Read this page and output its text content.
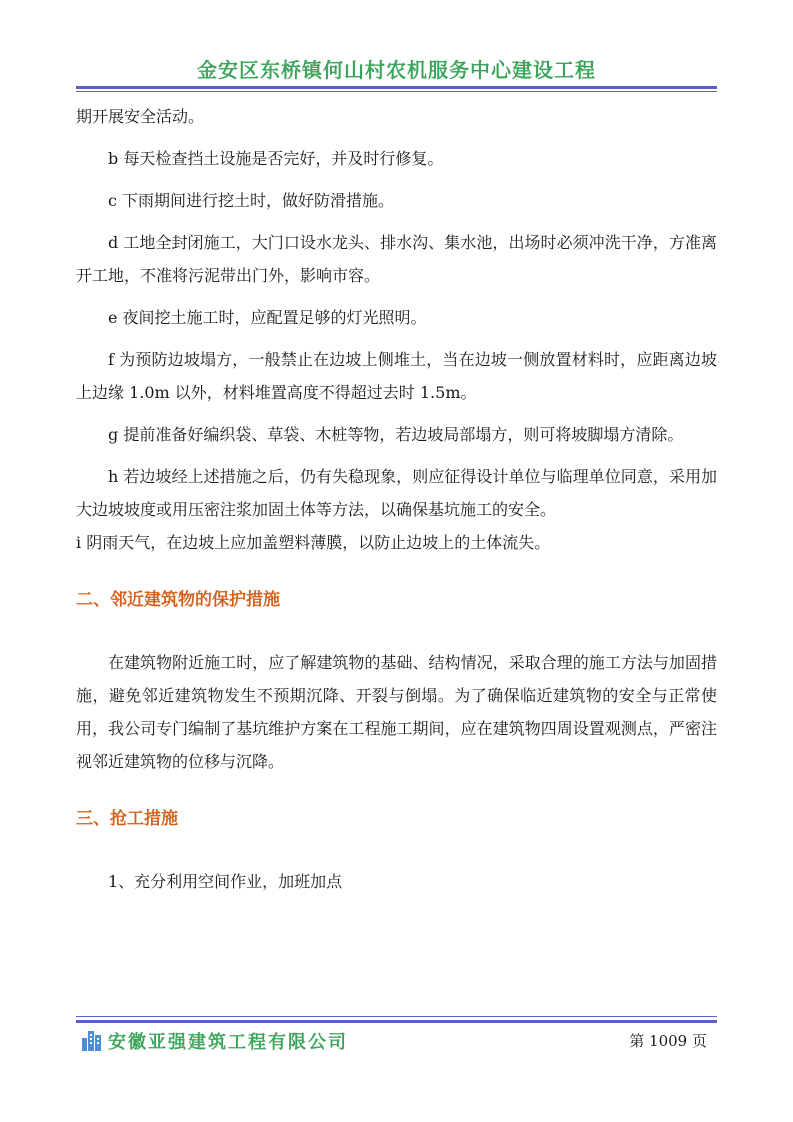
金安区东桥镇何山村农机服务中心建设工程

期开展安全活动。

b 每天检查挡土设施是否完好，并及时行修复。

c 下雨期间进行挖土时，做好防滑措施。

d 工地全封闭施工，大门口设水龙头、排水沟、集水池，出场时必须冲洗干净，方准离开工地，不准将污泥带出门外，影响市容。

e 夜间挖土施工时，应配置足够的灯光照明。

f 为预防边坡塌方，一般禁止在边坡上侧堆土，当在边坡一侧放置材料时，应距离边坡上边缘 1.0m 以外，材料堆置高度不得超过去时 1.5m。

g 提前准备好编织袋、草袋、木桩等物，若边坡局部塌方，则可将坡脚塌方清除。

h 若边坡经上述措施之后，仍有失稳现象，则应征得设计单位与临理单位同意，采用加大边坡坡度或用压密注浆加固土体等方法，以确保基坑施工的安全。

i 阴雨天气，在边坡上应加盖塑料薄膜，以防止边坡上的土体流失。

二、邻近建筑物的保护措施

在建筑物附近施工时，应了解建筑物的基础、结构情况，采取合理的施工方法与加固措施，避免邻近建筑物发生不预期沉降、开裂与倒塌。为了确保临近建筑物的安全与正常使用，我公司专门编制了基坑维护方案在工程施工期间，应在建筑物四周设置观测点，严密注视邻近建筑物的位移与沉降。

三、抢工措施

1、充分利用空间作业，加班加点

安徽亚强建筑工程有限公司	第 1009 页
